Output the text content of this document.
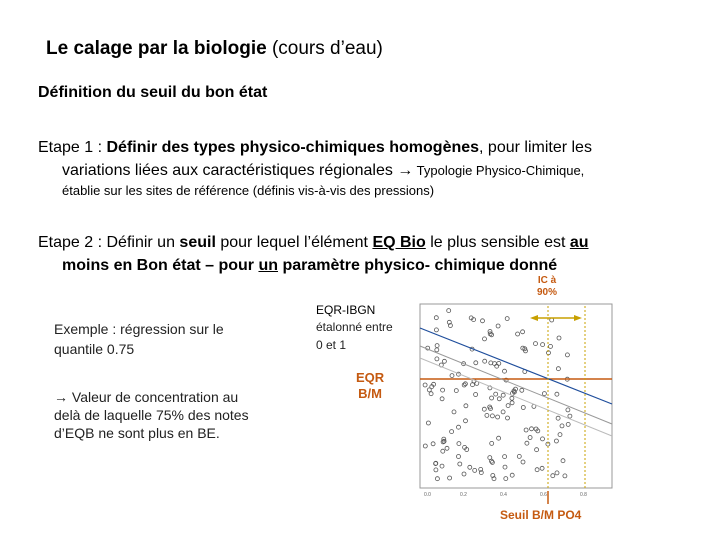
Le calage par la biologie (cours d’eau)
Définition du seuil du bon état
Etape 1 : Définir des types physico-chimiques homogènes, pour limiter les
variations liées aux caractéristiques régionales → Typologie Physico-Chimique,
établie sur les sites de référence (définis vis-à-vis des pressions)
Etape 2 : Définir un seuil pour lequel l’élément EQ Bio le plus sensible est au
moins en Bon état – pour un paramètre physico- chimique donné
Exemple : régression sur le
quantile 0.75
→ Valeur de concentration au
delà de laquelle 75% des notes
d’EQB ne sont plus en BE.
EQR-IBGN
étalonné entre
0 et 1
EQR
B/M
IC à
90%
Seuil B/M PO4
0.0	0.2	0.4	0.6	0.8
